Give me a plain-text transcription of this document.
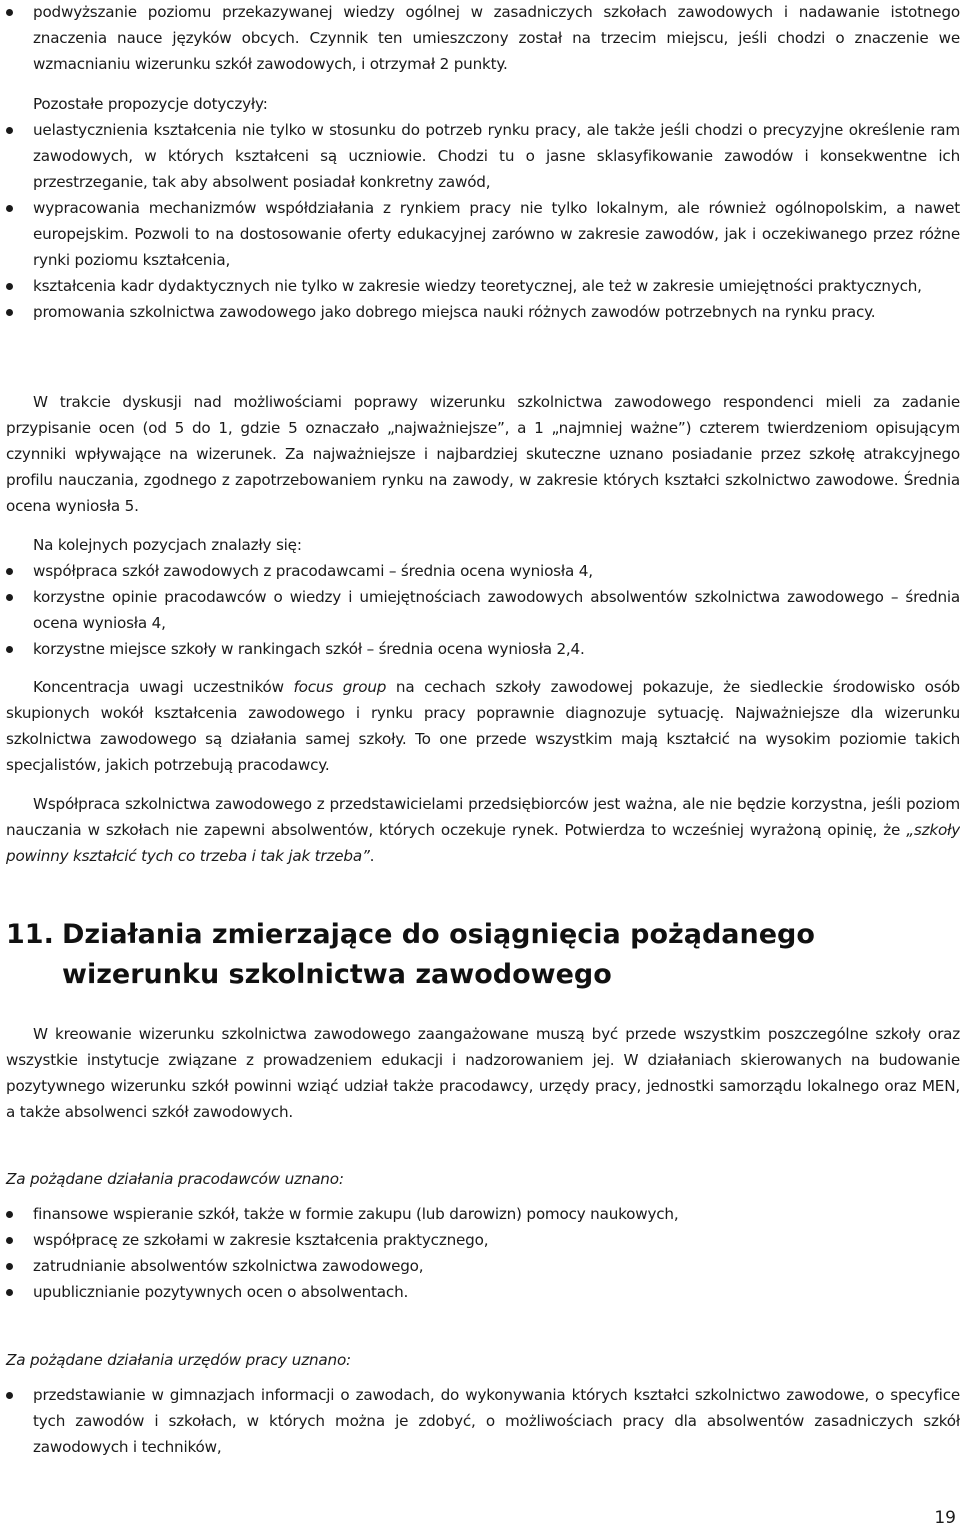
podwyższanie poziomu przekazywanej wiedzy ogólnej w zasadniczych szkołach zawodowych i nadawanie istotnego znaczenia nauce języków obcych. Czynnik ten umieszczony został na trzecim miejscu, jeśli chodzi o znaczenie we wzmacnianiu wizerunku szkół zawodowych, i otrzymał 2 punkty.

Pozostałe propozycje dotyczyły:

uelastycznienia kształcenia nie tylko w stosunku do potrzeb rynku pracy, ale także jeśli chodzi o precyzyjne określenie ram zawodowych, w których kształceni są uczniowie. Chodzi tu o jasne sklasyfikowanie zawodów i konsekwentne ich przestrzeganie, tak aby absolwent posiadał konkretny zawód,
wypracowania mechanizmów współdziałania z rynkiem pracy nie tylko lokalnym, ale również ogólnopolskim, a nawet europejskim. Pozwoli to na dostosowanie oferty edukacyjnej zarówno w zakresie zawodów, jak i oczekiwanego przez różne rynki poziomu kształcenia,
kształcenia kadr dydaktycznych nie tylko w zakresie wiedzy teoretycznej, ale też w zakresie umiejętności praktycznych,
promowania szkolnictwa zawodowego jako dobrego miejsca nauki różnych zawodów potrzebnych na rynku pracy.

W trakcie dyskusji nad możliwościami poprawy wizerunku szkolnictwa zawodowego respondenci mieli za zadanie przypisanie ocen (od 5 do 1, gdzie 5 oznaczało „najważniejsze”, a 1 „najmniej ważne”) czterem twierdzeniom opisującym czynniki wpływające na wizerunek. Za najważniejsze i najbardziej skuteczne uznano posiadanie przez szkołę atrakcyjnego profilu nauczania, zgodnego z zapotrzebowaniem rynku na zawody, w zakresie których kształci szkolnictwo zawodowe. Średnia ocena wyniosła 5.

Na kolejnych pozycjach znalazły się:

współpraca szkół zawodowych z pracodawcami – średnia ocena wyniosła 4,
korzystne opinie pracodawców o wiedzy i umiejętnościach zawodowych absolwentów szkolnictwa zawodowego – średnia ocena wyniosła 4,
korzystne miejsce szkoły w rankingach szkół – średnia ocena wyniosła 2,4.

Koncentracja uwagi uczestników focus group na cechach szkoły zawodowej pokazuje, że siedleckie środowisko osób skupionych wokół kształcenia zawodowego i rynku pracy poprawnie diagnozuje sytuację. Najważniejsze dla wizerunku szkolnictwa zawodowego są działania samej szkoły. To one przede wszystkim mają kształcić na wysokim poziomie takich specjalistów, jakich potrzebują pracodawcy.

Współpraca szkolnictwa zawodowego z przedstawicielami przedsiębiorców jest ważna, ale nie będzie korzystna, jeśli poziom nauczania w szkołach nie zapewni absolwentów, których oczekuje rynek. Potwierdza to wcześniej wyrażoną opinię, że „szkoły powinny kształcić tych co trzeba i tak jak trzeba”.

11. Działania zmierzające do osiągnięcia pożądanego wizerunku szkolnictwa zawodowego

W kreowanie wizerunku szkolnictwa zawodowego zaangażowane muszą być przede wszystkim poszczególne szkoły oraz wszystkie instytucje związane z prowadzeniem edukacji i nadzorowaniem jej. W działaniach skierowanych na budowanie pozytywnego wizerunku szkół powinni wziąć udział także pracodawcy, urzędy pracy, jednostki samorządu lokalnego oraz MEN, a także absolwenci szkół zawodowych.

Za pożądane działania pracodawców uznano:

finansowe wspieranie szkół, także w formie zakupu (lub darowizn) pomocy naukowych,
współpracę ze szkołami w zakresie kształcenia praktycznego,
zatrudnianie absolwentów szkolnictwa zawodowego,
upublicznianie pozytywnych ocen o absolwentach.

Za pożądane działania urzędów pracy uznano:

przedstawianie w gimnazjach informacji o zawodach, do wykonywania których kształci szkolnictwo zawodowe, o specyfice tych zawodów i szkołach, w których można je zdobyć, o możliwościach pracy dla absolwentów zasadniczych szkół zawodowych i techników,

19
